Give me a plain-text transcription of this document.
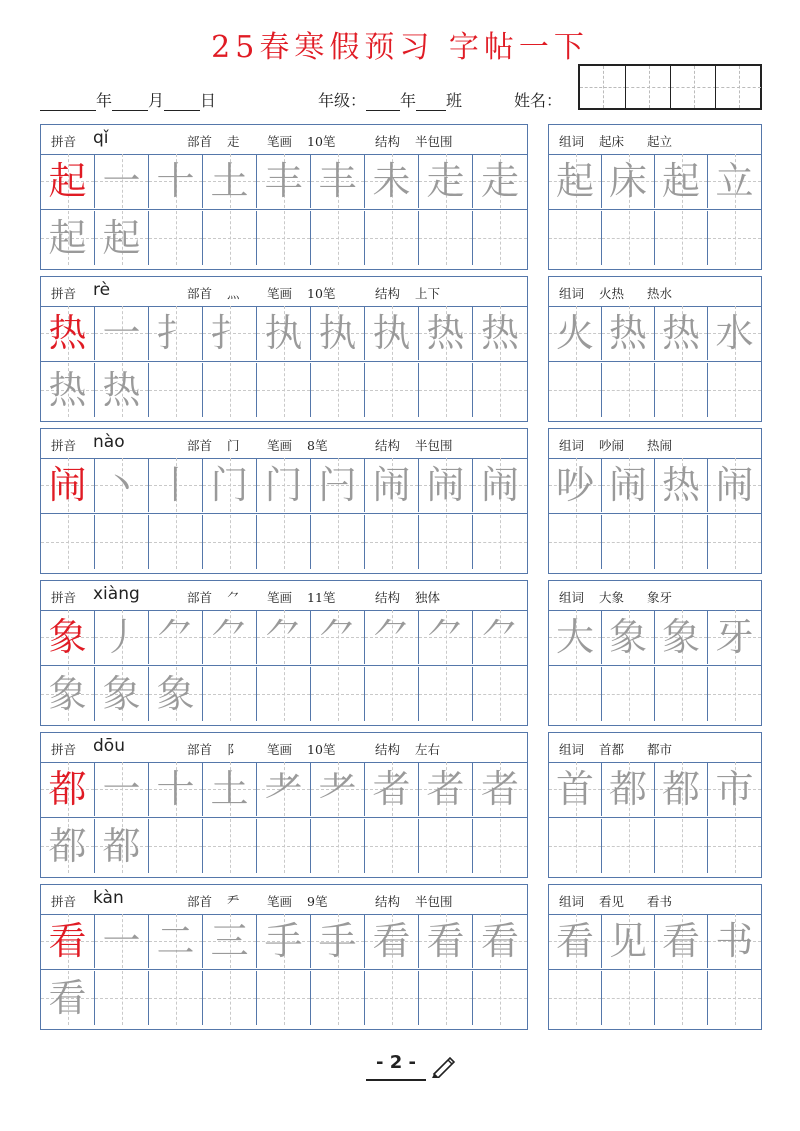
25春寒假预习 字帖一下
年 月 日	年级： 年 班	姓名：
拼音 qǐ	部首 走 笔画 10笔	结构 半包围
起 一 十 土 丰 丰 未 走 走
起 起
组词 起床 起立
起 床 起 立
拼音 rè	部首 灬 笔画 10笔	结构 上下
热 一 扌 扌 执 执 执 热 热
热 热
组词 火热 热水
火 热 热 水
拼音 nào	部首 门 笔画 8笔	结构 半包围
闹 丶 丨 门 门 闩 闹 闹 闹
组词 吵闹 热闹
吵 闹 热 闹
拼音 xiàng	部首 ⺈ 笔画 11笔	结构 独体
象 丿 ⺈ ⺈ ⺈ ⺈ ⺈ ⺈ ⺈
象 象 象
组词 大象 象牙
大 象 象 牙
拼音 dōu	部首 阝 笔画 10笔	结构 左右
都 一 十 土 耂 耂 者 者 者
都 都
组词 首都 都市
首 都 都 市
拼音 kàn	部首 龵 笔画 9笔	结构 半包围
看 一 二 三 手 手 看 看 看
看
组词 看见 看书
看 见 看 书
- 2 -
